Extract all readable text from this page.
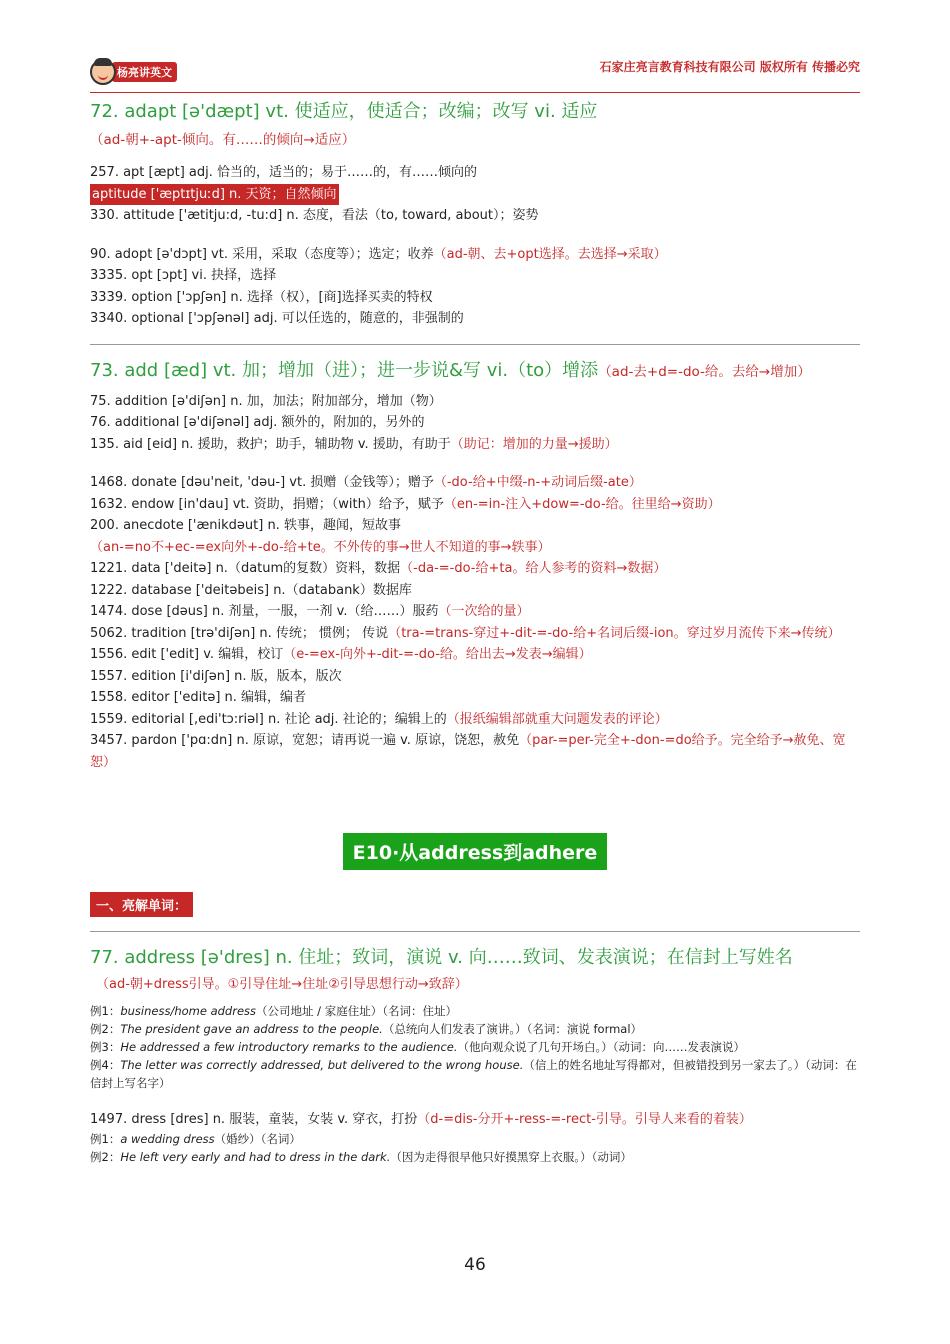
杨亮讲英文	石家庄亮言教育科技有限公司 版权所有 传播必究
72. adapt [ə'dæpt] vt. 使适应，使适合；改编；改写 vi. 适应（ad-朝+-apt-倾向。有……的倾向→适应）
257. apt [æpt] adj. 恰当的，适当的；易于……的，有……倾向的
aptitude ['æptɪtjuːd] n. 天资；自然倾向
330. attitude ['ætitju:d, -tu:d] n. 态度，看法（to, toward, about）；姿势
90. adopt [ə'dɔpt] vt. 采用，采取（态度等）；选定；收养（ad-朝、去+opt选择。去选择→采取）
3335. opt [ɔpt] vi. 抉择，选择
3339. option ['ɔpʃən] n. 选择（权），[商]选择买卖的特权
3340. optional ['ɔpʃənəl] adj. 可以任选的，随意的，非强制的
73. add [æd] vt. 加；增加（进）；进一步说&写 vi.（to）增添（ad-去+d=-do-给。去给→增加）
75. addition [ə'diʃən] n. 加，加法；附加部分，增加（物）
76. additional [ə'diʃənəl] adj. 额外的，附加的，另外的
135. aid [eid] n. 援助，救护；助手，辅助物 v. 援助，有助于（助记：增加的力量→援助）
1468. donate [dəu'neit, 'dəu-] vt. 损赠（金钱等）；赠予（-do-给+中缀-n-+动词后缀-ate）
1632. endow [in'dau] vt. 资助，捐赠；（with）给予，赋予（en-=in-注入+dow=-do-给。往里给→资助）
200. anecdote ['ænikdəut] n. 轶事，趣闻，短故事（an-=no不+ec-=ex向外+-do-给+te。不外传的事→世人不知道的事→轶事）
1221. data ['deitə] n.（datum的复数）资料，数据（-da-=-do-给+ta。给人参考的资料→数据）
1222. database ['deitəbeis] n.（databank）数据库
1474. dose [dəus] n. 剂量，一服，一剂 v.（给……）服药（一次给的量）
5062. tradition [trə'diʃən] n. 传统； 惯例； 传说（tra-=trans-穿过+-dit-=-do-给+名词后缀-ion。穿过岁月流传下来→传统）
1556. edit ['edit] v. 编辑，校订（e-=ex-向外+-dit-=-do-给。给出去→发表→编辑）
1557. edition [i'diʃən] n. 版，版本，版次
1558. editor ['editə] n. 编辑，编者
1559. editorial [,edi'tɔ:riəl] n. 社论 adj. 社论的；编辑上的（报纸编辑部就重大问题发表的评论）
3457. pardon ['pɑ:dn] n. 原谅，宽恕；请再说一遍 v. 原谅，饶恕，赦免（par-=per-完全+-don-=do给予。完全给予→赦免、宽恕）
E10·从address到adhere
一、亮解单词：
77. address [ə'dres] n. 住址；致词，演说 v. 向……致词、发表演说；在信封上写姓名
（ad-朝+dress引导。①引导住址→住址②引导思想行动→致辞）
例1：business/home address（公司地址 / 家庭住址）（名词：住址）
例2：The president gave an address to the people.（总统向人们发表了演讲。）（名词：演说 formal）
例3：He addressed a few introductory remarks to the audience.（他向观众说了几句开场白。）（动词：向……发表演说）
例4：The letter was correctly addressed, but delivered to the wrong house.（信上的姓名地址写得都对，但被错投到另一家去了。）（动词：在信封上写名字）
1497. dress [dres] n. 服装，童装，女装 v. 穿衣，打扮（d-=dis-分开+-ress-=-rect-引导。引导人来看的着装）
例1：a wedding dress（婚纱）（名词）
例2：He left very early and had to dress in the dark.（因为走得很早他只好摸黑穿上衣服。）（动词）
46
